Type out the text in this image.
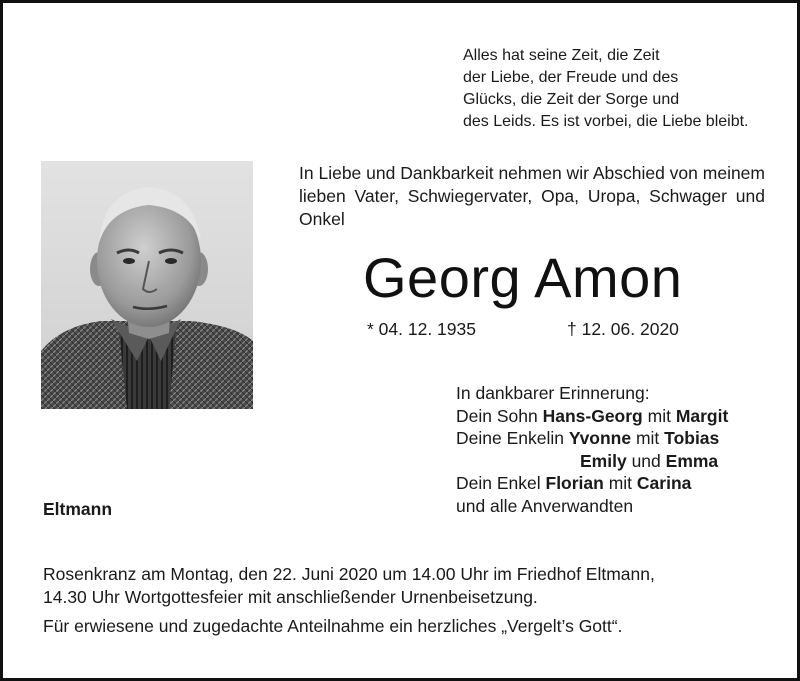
Alles hat seine Zeit, die Zeit
der Liebe, der Freude und des
Glücks, die Zeit der Sorge und
des Leids. Es ist vorbei, die Liebe bleibt.
In Liebe und Dankbarkeit nehmen wir Abschied von meinem lieben Vater, Schwiegervater, Opa, Uropa, Schwager und Onkel
Georg Amon
* 04. 12. 1935	† 12. 06. 2020
In dankbarer Erinnerung:
Dein Sohn Hans-Georg mit Margit
Deine Enkelin Yvonne mit Tobias
Emily und Emma
Dein Enkel Florian mit Carina
und alle Anverwandten
Eltmann
Rosenkranz am Montag, den 22. Juni 2020 um 14.00 Uhr im Friedhof Eltmann,
14.30 Uhr Wortgottesfeier mit anschließender Urnenbeisetzung.
Für erwiesene und zugedachte Anteilnahme ein herzliches „Vergelt’s Gott“.
